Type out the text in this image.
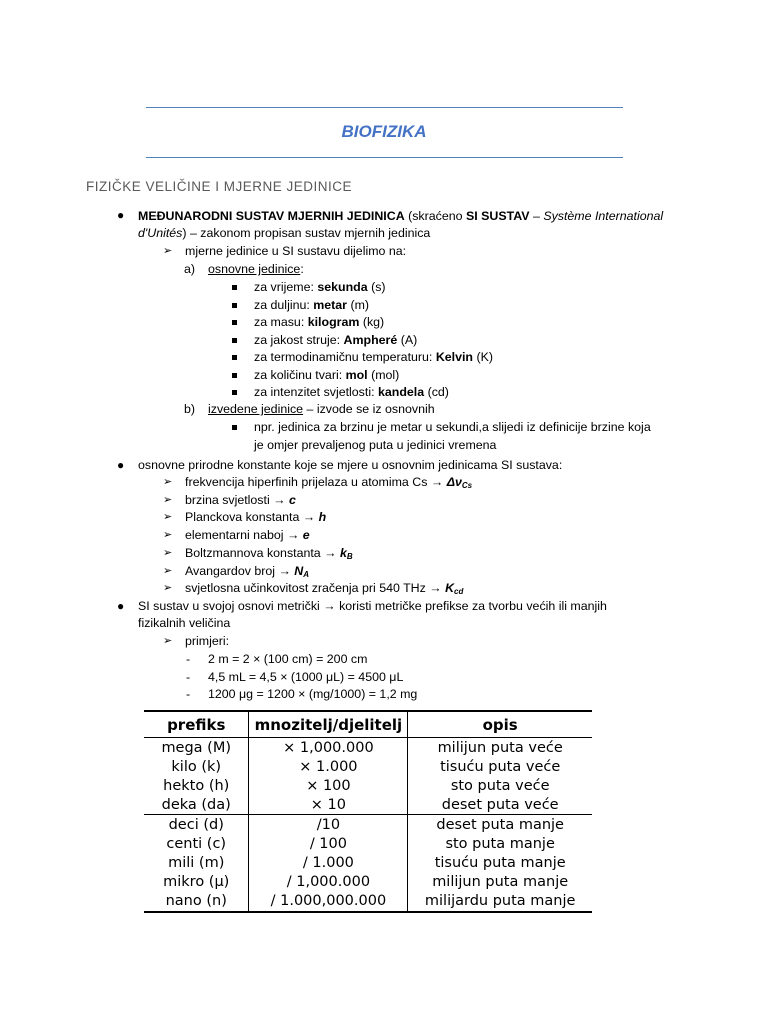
BIOFIZIKA
FIZIČKE VELIČINE I MJERNE JEDINICE
● MEĐUNARODNI SUSTAV MJERNIH JEDINICA (skraćeno SI SUSTAV – Système International
d'Unités) – zakonom propisan sustav mjernih jedinica
➢ mjerne jedinice u SI sustavu dijelimo na:
a) osnovne jedinice:
za vrijeme: sekunda (s)
za duljinu: metar (m)
za masu: kilogram (kg)
za jakost struje: Ampheré (A)
za termodinamičnu temperaturu: Kelvin (K)
za količinu tvari: mol (mol)
za intenzitet svjetlosti: kandela (cd)
b) izvedene jedinice – izvode se iz osnovnih
npr. jedinica za brzinu je metar u sekundi,a slijedi iz definicije brzine koja
je omjer prevaljenog puta u jedinici vremena
● osnovne prirodne konstante koje se mjere u osnovnim jedinicama SI sustava:
➢ frekvencija hiperfinih prijelaza u atomima $Cs \to \Delta\nu_{Cs}$
➢ brzina svjetlosti → c
➢ Planckova konstanta → h
➢ elementarni naboj → e
➢ Boltzmannova konstanta → $k_B$
➢ Avangardov broj → $N_A$
➢ svjetlosna učinkovitost zračenja pri 540 THz → $K_{cd}$
● SI sustav u svojoj osnovi metrički → koristi metričke prefikse za tvorbu većih ili manjih
fizikalnih veličina
➢ primjeri:
- 2 m = 2 × (100 cm) = 200 cm
- 4,5 mL = 4,5 × (1000 μL) = 4500 μL
- 1200 μg = 1200 × (mg/1000) = 1,2 mg
prefiks	mnozitelj/djelitelj	opis
mega (M)	× 1,000.000	milijun puta veće
kilo (k)	× 1.000	tisuću puta veće
hekto (h)	× 100	sto puta veće
deka (da)	× 10	deset puta veće
deci (d)	/10	deset puta manje
centi (c)	/ 100	sto puta manje
mili (m)	/ 1.000	tisuću puta manje
mikro (μ)	/ 1,000.000	milijun puta manje
nano (n)	/ 1.000,000.000	milijardu puta manje
